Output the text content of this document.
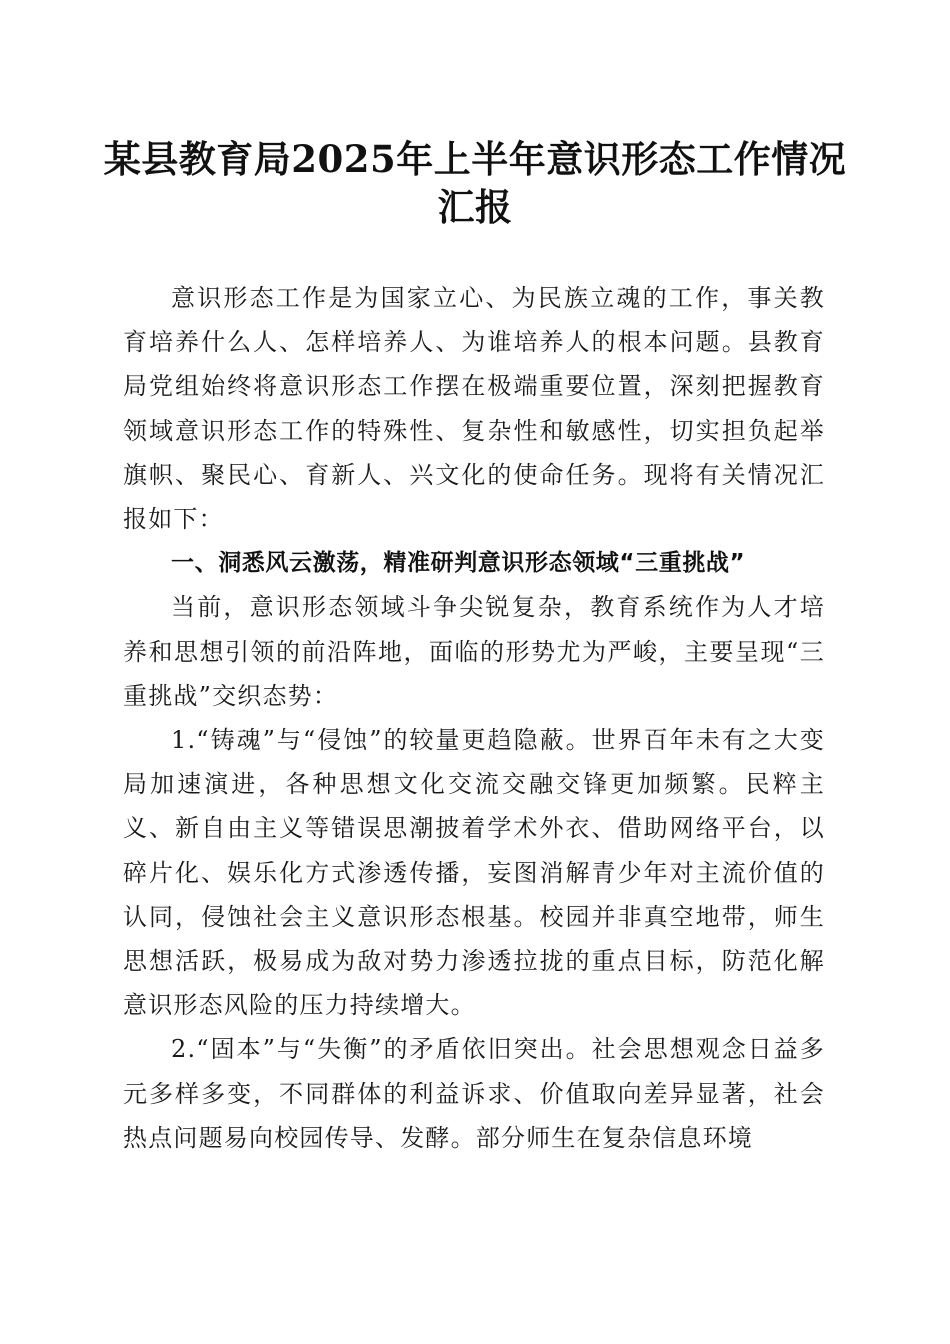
某县教育局2025年上半年意识形态工作情况
汇报

意识形态工作是为国家立心、为民族立魂的工作，事关教育培养什么人、怎样培养人、为谁培养人的根本问题。县教育局党组始终将意识形态工作摆在极端重要位置，深刻把握教育领域意识形态工作的特殊性、复杂性和敏感性，切实担负起举旗帜、聚民心、育新人、兴文化的使命任务。现将有关情况汇报如下：

一、洞悉风云激荡，精准研判意识形态领域“三重挑战”

当前，意识形态领域斗争尖锐复杂，教育系统作为人才培养和思想引领的前沿阵地，面临的形势尤为严峻，主要呈现“三重挑战”交织态势：

1.“铸魂”与“侵蚀”的较量更趋隐蔽。世界百年未有之大变局加速演进，各种思想文化交流交融交锋更加频繁。民粹主义、新自由主义等错误思潮披着学术外衣、借助网络平台，以碎片化、娱乐化方式渗透传播，妄图消解青少年对主流价值的认同，侵蚀社会主义意识形态根基。校园并非真空地带，师生思想活跃，极易成为敌对势力渗透拉拢的重点目标，防范化解意识形态风险的压力持续增大。

2.“固本”与“失衡”的矛盾依旧突出。社会思想观念日益多元多样多变，不同群体的利益诉求、价值取向差异显著，社会热点问题易向校园传导、发酵。部分师生在复杂信息环境
